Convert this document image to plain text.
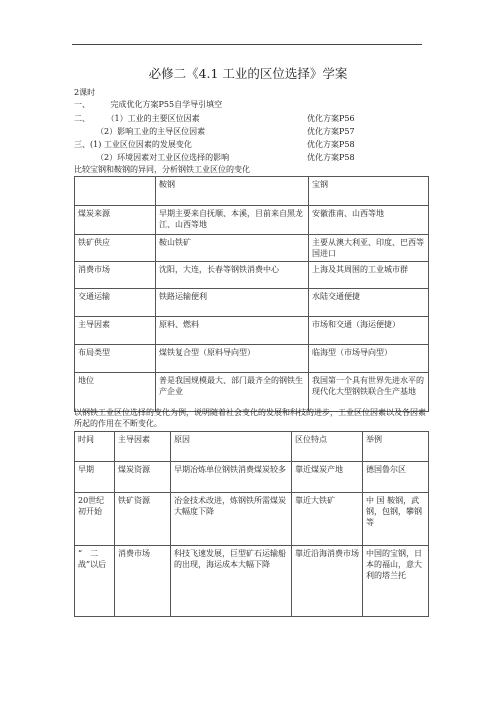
必修二《4.1 工业的区位选择》学案
2课时
一、	完成优化方案P55自学导引填空
二、 （1）工业的主要区位因素	优化方案P56
（2）影响工业的主导区位因素	优化方案P57
三、(1) 工业区位因素的发展变化	优化方案P58
（2）环境因素对工业区位选择的影响	优化方案P58
比较宝钢和鞍钢的异同，分析钢铁工业区位的变化
	鞍钢	宝钢
煤炭来源	早期主要来自抚顺、本溪，目前来自黑龙江、山西等地	安徽淮南、山西等地
铁矿供应	鞍山铁矿	主要从澳大利亚、印度、巴西等国进口
消费市场	沈阳，大连，长春等钢铁消费中心	上海及其周围的工业城市群
交通运输	铁路运输便利	水陆交通便捷
主导因素	原料、燃料	市场和交通（海运便捷）
布局类型	煤铁复合型（原料导向型）	临海型（市场导向型）
地位	普是我国规模最大、部门最齐全的钢铁生产企业	我国第一个具有世界先进水平的现代化大型钢铁联合生产基地
以钢铁工业区位选择的变化为例，说明随着社会变化的发展和科技的进步，工业区位因素以及各因素所起的作用在不断变化。
时间	主导因素	原因	区位特点	举例
早期	煤炭资源	早期冶炼单位钢铁消费煤炭较多	靠近煤炭产地	德国鲁尔区
20世纪初开始	铁矿资源	冶金技术改进，炼钢铁所需煤炭大幅度下降	靠近大铁矿	中 国 鞍钢，武钢，包钢，攀钢等
“　二战”以后	消费市场	科技飞速发展，巨型矿石运输船的出现，海运成本大幅下降	靠近沿海消费市场	中国的宝钢，日本的福山，意大利的塔兰托
